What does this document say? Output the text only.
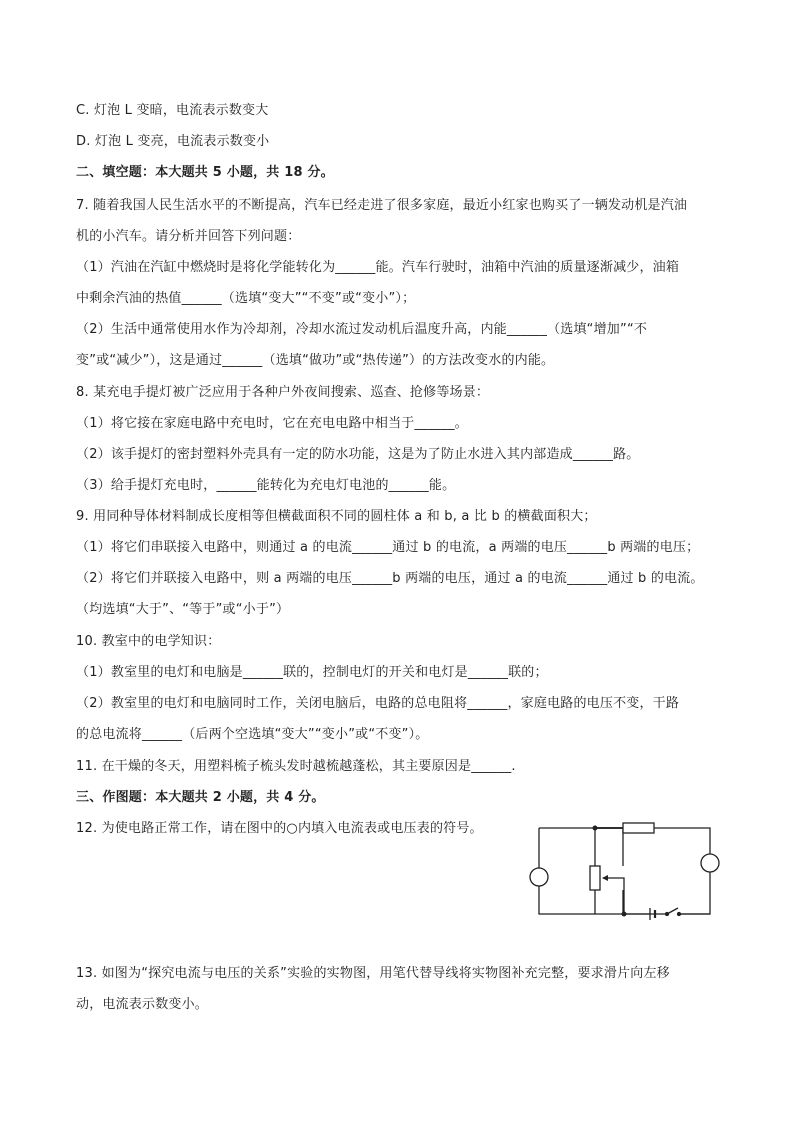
C. 灯泡 L 变暗，电流表示数变大
D. 灯泡 L 变亮，电流表示数变小
二、填空题：本大题共 5 小题，共 18 分。
7. 随着我国人民生活水平的不断提高，汽车已经走进了很多家庭，最近小红家也购买了一辆发动机是汽油
机的小汽车。请分析并回答下列问题：
（1）汽油在汽缸中燃烧时是将化学能转化为______能。汽车行驶时，油箱中汽油的质量逐渐减少，油箱
中剩余汽油的热值______（选填“变大”“不变”或“变小”）；
（2）生活中通常使用水作为冷却剂，冷却水流过发动机后温度升高，内能______（选填“增加”“不
变”或“减少”），这是通过______（选填“做功”或“热传递”）的方法改变水的内能。
8. 某充电手提灯被广泛应用于各种户外夜间搜索、巡查、抢修等场景：
（1）将它接在家庭电路中充电时，它在充电电路中相当于______。
（2）该手提灯的密封塑料外壳具有一定的防水功能，这是为了防止水进入其内部造成______路。
（3）给手提灯充电时，______能转化为充电灯电池的______能。
9. 用同种导体材料制成长度相等但横截面积不同的圆柱体 a 和 b, a 比 b 的横截面积大；
（1）将它们串联接入电路中，则通过 a 的电流______通过 b 的电流，a 两端的电压______b 两端的电压；
（2）将它们并联接入电路中，则 a 两端的电压______b 两端的电压，通过 a 的电流______通过 b 的电流。
（均选填“大于”、“等于”或“小于”）
10. 教室中的电学知识：
（1）教室里的电灯和电脑是______联的，控制电灯的开关和电灯是______联的；
（2）教室里的电灯和电脑同时工作，关闭电脑后，电路的总电阻将______，家庭电路的电压不变，干路
的总电流将______（后两个空选填“变大”“变小”或“不变”）。
11. 在干燥的冬天，用塑料梳子梳头发时越梳越蓬松，其主要原因是______.
三、作图题：本大题共 2 小题，共 4 分。
12. 为使电路正常工作，请在图中的○内填入电流表或电压表的符号。
13. 如图为“探究电流与电压的关系”实验的实物图，用笔代替导线将实物图补充完整，要求滑片向左移
动，电流表示数变小。
